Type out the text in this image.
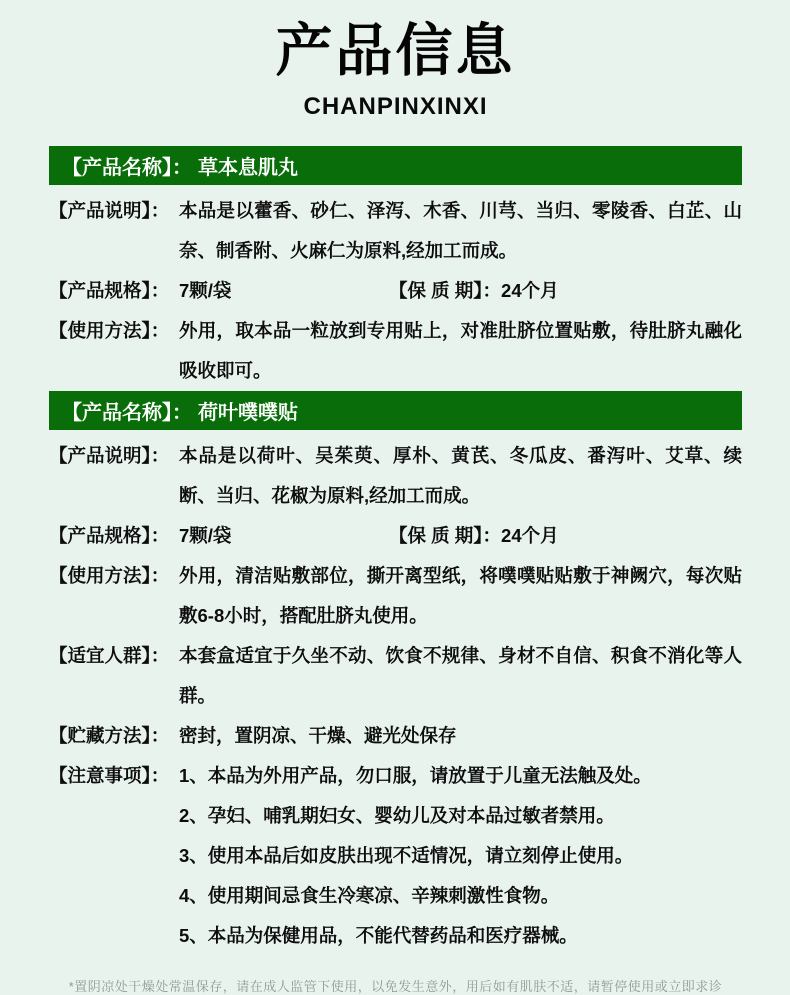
产品信息
CHANPINXINXI
【产品名称】： 草本息肌丸
【产品说明】： 本品是以藿香、砂仁、泽泻、木香、川芎、当归、零陵香、白芷、山奈、制香附、火麻仁为原料,经加工而成。
【产品规格】： 7颗/袋	【保 质 期】： 24个月
【使用方法】： 外用，取本品一粒放到专用贴上，对准肚脐位置贴敷，待肚脐丸融化吸收即可。
【产品名称】： 荷叶噗噗贴
【产品说明】： 本品是以荷叶、吴茱萸、厚朴、黄芪、冬瓜皮、番泻叶、艾草、续断、当归、花椒为原料,经加工而成。
【产品规格】： 7颗/袋	【保 质 期】： 24个月
【使用方法】： 外用，清洁贴敷部位，撕开离型纸，将噗噗贴贴敷于神阙穴，每次贴敷6-8小时，搭配肚脐丸使用。
【适宜人群】： 本套盒适宜于久坐不动、饮食不规律、身材不自信、积食不消化等人群。
【贮藏方法】： 密封，置阴凉、干燥、避光处保存
【注意事项】： 1、本品为外用产品，勿口服，请放置于儿童无法触及处。
2、孕妇、哺乳期妇女、婴幼儿及对本品过敏者禁用。
3、使用本品后如皮肤出现不适情况，请立刻停止使用。
4、使用期间忌食生冷寒凉、辛辣刺激性食物。
5、本品为保健用品，不能代替药品和医疗器械。
*置阴凉处干燥处常温保存，请在成人监管下使用，以免发生意外，用后如有肌肤不适，请暂停使用或立即求诊
